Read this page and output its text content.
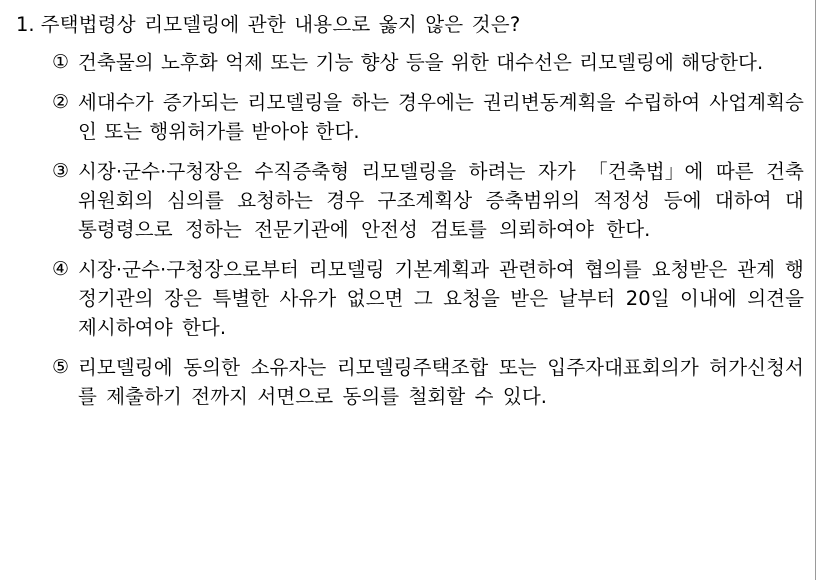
1. 주택법령상 리모델링에 관한 내용으로 옳지 않은 것은?
① 건축물의 노후화 억제 또는 기능 향상 등을 위한 대수선은 리모델링에 해당한다.
② 세대수가 증가되는 리모델링을 하는 경우에는 권리변동계획을 수립하여 사업계획승인 또는 행위허가를 받아야 한다.
③ 시장·군수·구청장은 수직증축형 리모델링을 하려는 자가 「건축법」에 따른 건축위원회의 심의를 요청하는 경우 구조계획상 증축범위의 적정성 등에 대하여 대통령령으로 정하는 전문기관에 안전성 검토를 의뢰하여야 한다.
④ 시장·군수·구청장으로부터 리모델링 기본계획과 관련하여 협의를 요청받은 관계 행정기관의 장은 특별한 사유가 없으면 그 요청을 받은 날부터 20일 이내에 의견을 제시하여야 한다.
⑤ 리모델링에 동의한 소유자는 리모델링주택조합 또는 입주자대표회의가 허가신청서를 제출하기 전까지 서면으로 동의를 철회할 수 있다.
